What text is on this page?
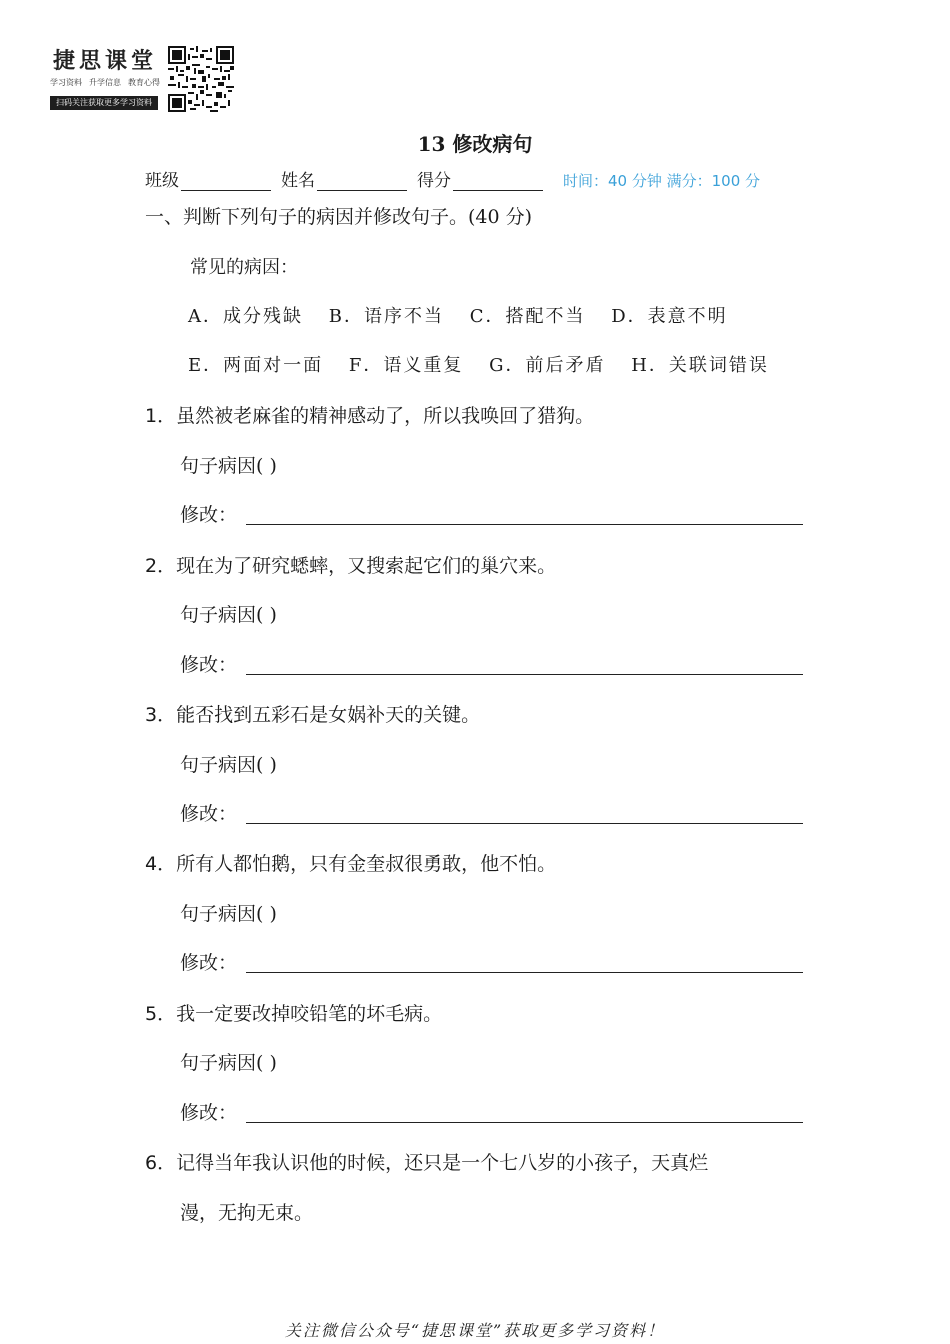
捷思课堂
学习资料 升学信息 教育心得
扫码关注获取更多学习资料
13 修改病句
班级	姓名	得分	时间：40 分钟 满分：100 分
一、判断下列句子的病因并修改句子。(40 分)
常见的病因：
A．成分残缺 B．语序不当 C．搭配不当 D．表意不明
E．两面对一面 F．语义重复 G．前后矛盾 H．关联词错误
1．虽然被老麻雀的精神感动了，所以我唤回了猎狗。
句子病因( )
修改：
2．现在为了研究蟋蟀，又搜索起它们的巢穴来。
句子病因( )
修改：
3．能否找到五彩石是女娲补天的关键。
句子病因( )
修改：
4．所有人都怕鹅，只有金奎叔很勇敢，他不怕。
句子病因( )
修改：
5．我一定要改掉咬铅笔的坏毛病。
句子病因( )
修改：
6．记得当年我认识他的时候，还只是一个七八岁的小孩子，天真烂
漫，无拘无束。
关注微信公众号“捷思课堂”获取更多学习资料！
